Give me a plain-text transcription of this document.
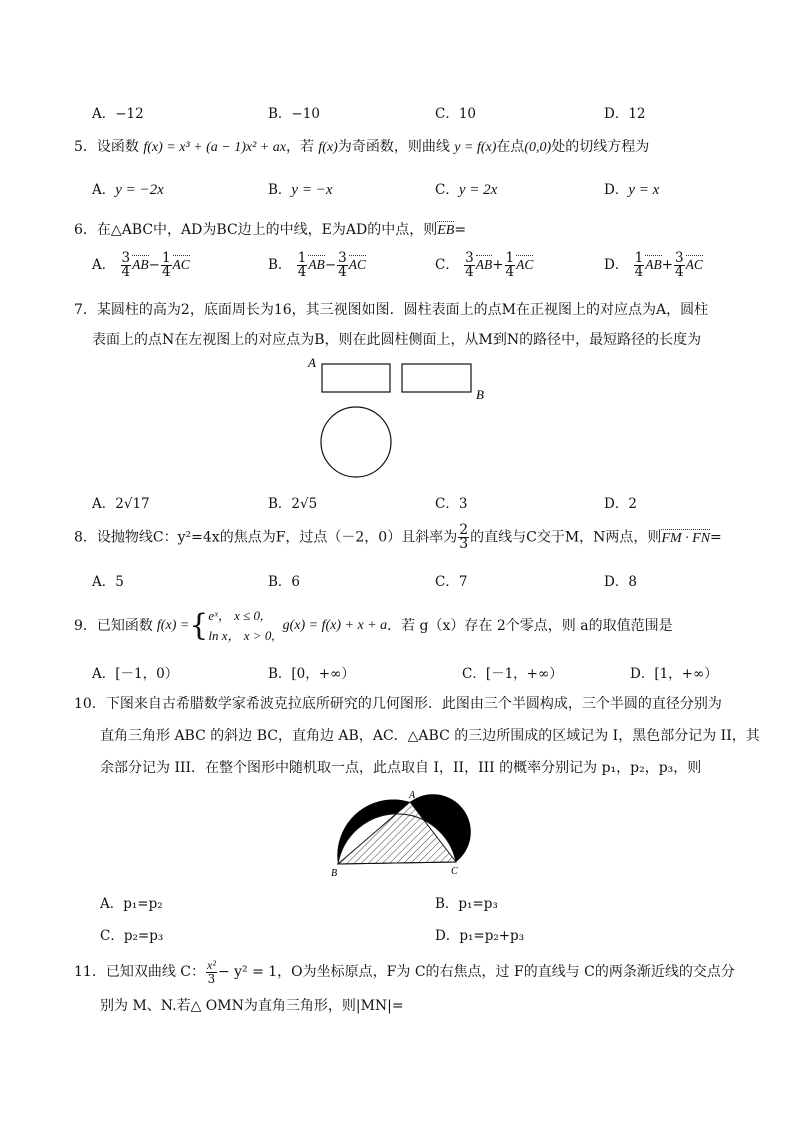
A．−12	B．−10	C．10	D．12
5．设函数 f(x) = x³ + (a − 1)x² + ax，若 f(x)为奇函数，则曲线 y = f(x)在点(0,0)处的切线方程为
A．y = −2x	B．y = −x	C．y = 2x	D．y = x
6．在△ABC中，AD为BC边上的中线，E为AD的中点，则EB=
A． $\frac{3}{4} AB- \frac{1}{4}$ AC	B． $\frac{1}{4} AB- \frac{3}{4}$ AC	C． $\frac{3}{4} AB+ \frac{1}{4}$ AC	D． $\frac{1}{4} AB+ \frac{3}{4}$ AC
7．某圆柱的高为2，底面周长为16，其三视图如图．圆柱表面上的点M在正视图上的对应点为A，圆柱
表面上的点N在左视图上的对应点为B，则在此圆柱侧面上，从M到N的路径中，最短路径的长度为
A
B
A．2√17	B．2√5	C．3	D．2
8．设抛物线C：y²=4x的焦点为F，过点（－2，0）且斜率为 $\frac{2}{3}$ 的直线与C交于M，N两点，则FM · FN=
A．5	B．6	C．7	D．8
9． 已知函数 f(x) = { eˣ， x ≤ 0,
ln x， x > 0,
g(x) = f(x) + x + a ．若 g（x）存在 2个零点，则 a的取值范围是
A．[－1，0）	B．[0，+∞）	C．[－1，+∞）	D．[1，+∞）
10．下图来自古希腊数学家希波克拉底所研究的几何图形．此图由三个半圆构成，三个半圆的直径分别为
直角三角形 ABC 的斜边 BC，直角边 AB，AC．△ABC 的三边所围成的区域记为 I，黑色部分记为 II，其
余部分记为 III．在整个图形中随机取一点，此点取自 I，II，III 的概率分别记为 p₁，p₂，p₃，则
A
B	C
A．p₁=p₂	B．p₁=p₃
C．p₂=p₃	D．p₁=p₂+p₃
11． 已知双曲线 C： $\frac{\text{x²}}{3} - y^2 = 1$，O为坐标原点，F为 C的右焦点，过 F的直线与 C的两条渐近线的交点分
别为 M、N.若△ OMN为直角三角形，则|MN|=
